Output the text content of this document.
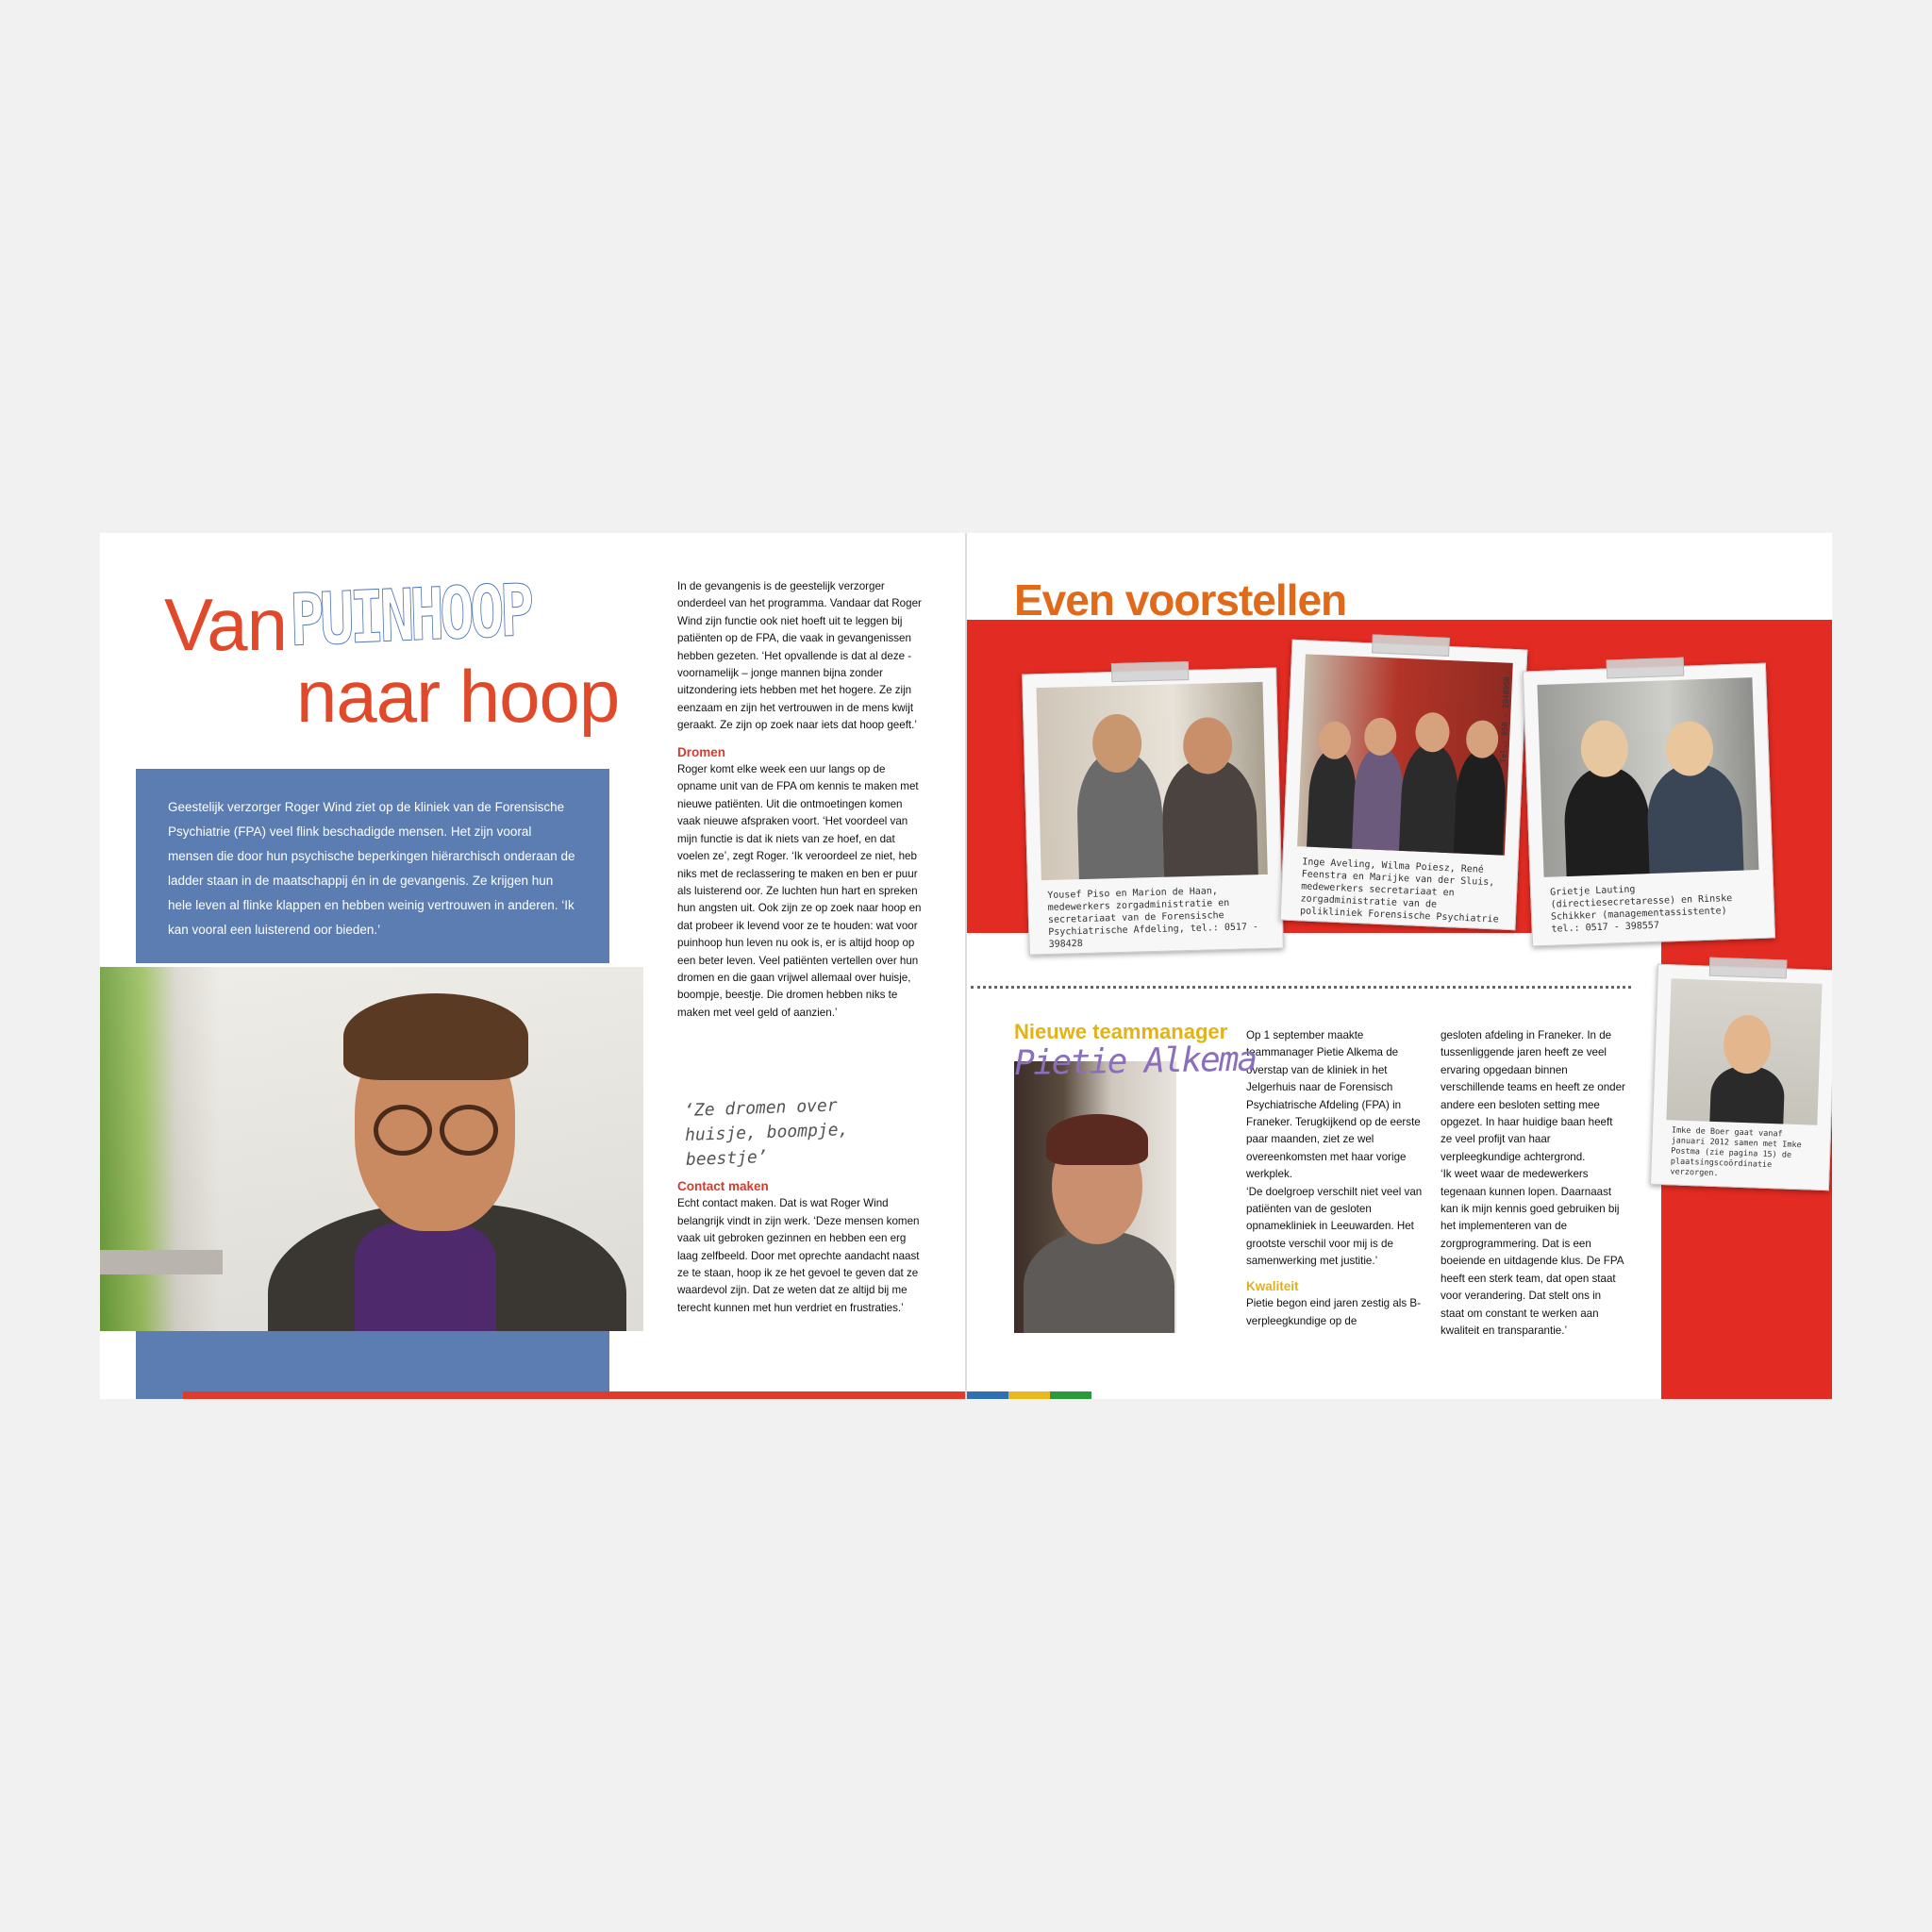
Van PUINHOOP
naar hoop
Geestelijk verzorger Roger Wind ziet op de kliniek van de Forensische Psychiatrie (FPA) veel flink beschadigde mensen. Het zijn vooral mensen die door hun psychische beperkingen hiërarchisch onderaan de ladder staan in de maatschappij én in de gevangenis. Ze krijgen hun hele leven al flinke klappen en hebben weinig vertrouwen in anderen. ‘Ik kan vooral een luisterend oor bieden.’
Roger Wind

In de gevangenis is de geestelijk verzorger onderdeel van het programma. Vandaar dat Roger Wind zijn functie ook niet hoeft uit te leggen bij patiënten op de FPA, die vaak in gevangenissen hebben gezeten. ‘Het opvallende is dat al deze - voornamelijk – jonge mannen bijna zonder uitzondering iets hebben met het hogere. Ze zijn eenzaam en zijn het vertrouwen in de mens kwijt geraakt. Ze zijn op zoek naar iets dat hoop geeft.’

Dromen

Roger komt elke week een uur langs op de opname unit van de FPA om kennis te maken met nieuwe patiënten. Uit die ontmoetingen komen vaak nieuwe afspraken voort. ‘Het voordeel van mijn functie is dat ik niets van ze hoef, en dat voelen ze’, zegt Roger. ‘Ik veroordeel ze niet, heb niks met de reclassering te maken en ben er puur als luisterend oor. Ze luchten hun hart en spreken hun angsten uit. Ook zijn ze op zoek naar hoop en dat probeer ik levend voor ze te houden: wat voor puinhoop hun leven nu ook is, er is altijd hoop op een beter leven. Veel patiënten vertellen over hun dromen en die gaan vrijwel allemaal over huisje, boompje, beestje. Die dromen hebben niks te maken met veel geld of aanzien.’

‘Ze dromen over huisje, boompje, beestje’

Contact maken

Echt contact maken. Dat is wat Roger Wind belangrijk vindt in zijn werk. ‘Deze mensen komen vaak uit gebroken gezinnen en hebben een erg laag zelfbeeld. Door met oprechte aandacht naast ze te staan, hoop ik ze het gevoel te geven dat ze waardevol zijn. Dat ze weten dat ze altijd bij me terecht kunnen met hun verdriet en frustraties.’

Even voorstellen
Yousef Piso en Marion de Haan, medewerkers zorgadministratie en secretariaat van de Forensische Psychiatrische Afdeling, tel.: 0517 - 398428
Inge Aveling, Wilma Poiesz, René Feenstra en Marijke van der Sluis, medewerkers secretariaat en zorgadministratie van de polikliniek Forensische Psychiatrie
Tel.: 058 - 2848950
Grietje Lauting (directiesecretaresse) en Rinske Schikker (managementassistente) tel.: 0517 - 398557
Imke de Boer gaat vanaf januari 2012 samen met Imke Postma (zie pagina 15) de plaatsingscoördinatie verzorgen.
Nieuwe teammanager
Pietie Alkema

Op 1 september maakte teammanager Pietie Alkema de overstap van de kliniek in het Jelgerhuis naar de Forensisch Psychiatrische Afdeling (FPA) in Franeker. Terugkijkend op de eerste paar maanden, ziet ze wel overeenkomsten met haar vorige werkplek.

‘De doelgroep verschilt niet veel van patiënten van de gesloten opnamekliniek in Leeuwarden. Het grootste verschil voor mij is de samenwerking met justitie.’

Kwaliteit

Pietie begon eind jaren zestig als B-verpleegkundige op de

gesloten afdeling in Franeker. In de tussenliggende jaren heeft ze veel ervaring opgedaan binnen verschillende teams en heeft ze onder andere een besloten setting mee opgezet. In haar huidige baan heeft ze veel profijt van haar verpleegkundige achtergrond.

‘Ik weet waar de medewerkers tegenaan kunnen lopen. Daarnaast kan ik mijn kennis goed gebruiken bij het implementeren van de zorgprogrammering. Dat is een boeiende en uitdagende klus. De FPA heeft een sterk team, dat open staat voor verandering. Dat stelt ons in staat om constant te werken aan kwaliteit en transparantie.’
